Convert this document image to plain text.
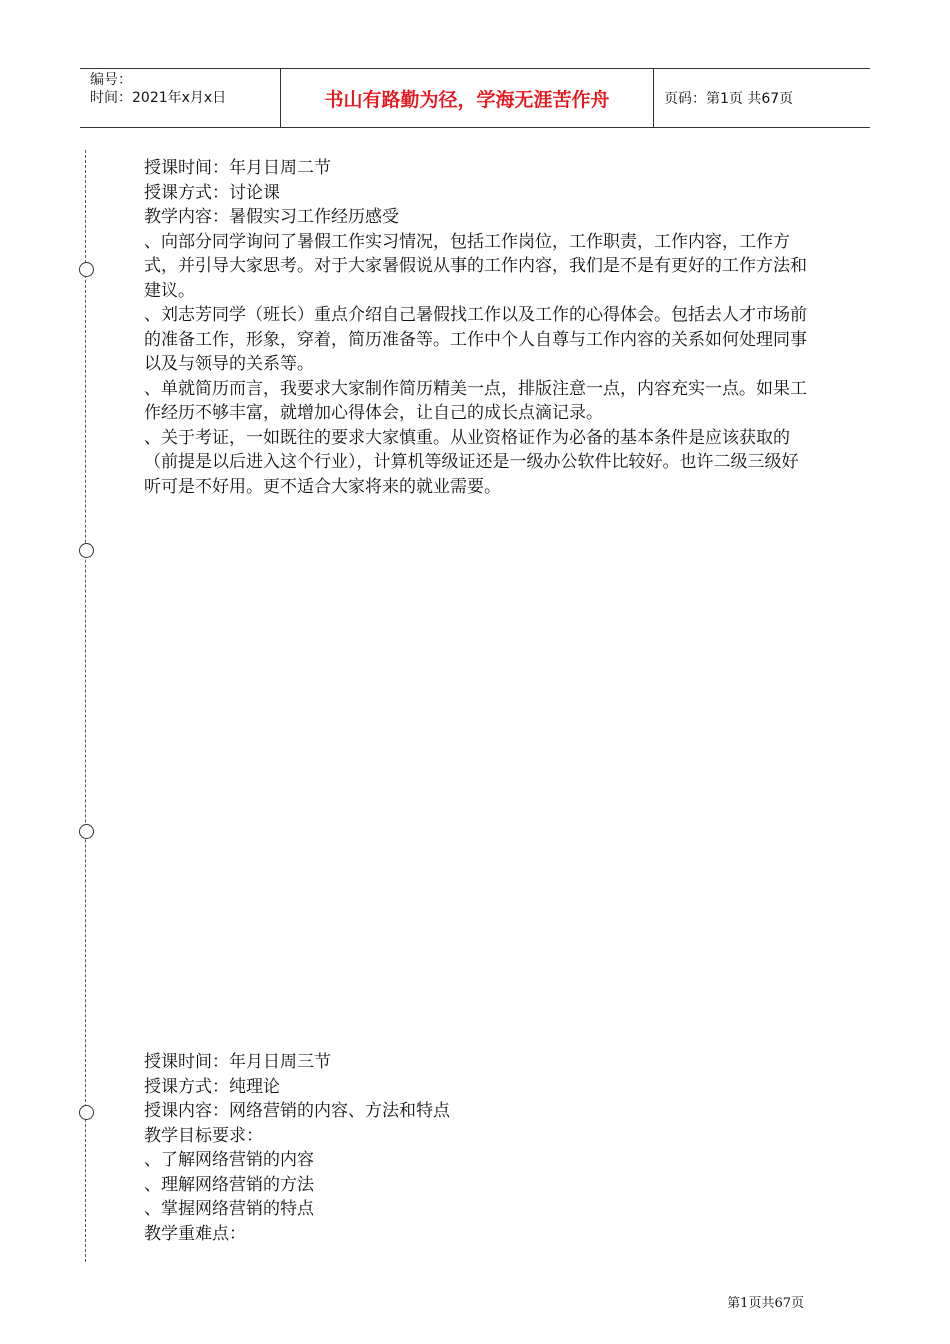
编号：
时间：2021年x月x日	书山有路勤为径，学海无涯苦作舟	页码：第1页 共67页

授课时间：年月日周二节

授课方式：讨论课

教学内容：暑假实习工作经历感受

、向部分同学询问了暑假工作实习情况，包括工作岗位，工作职责，工作内容，工作方式，并引导大家思考。对于大家暑假说从事的工作内容，我们是不是有更好的工作方法和建议。

、刘志芳同学（班长）重点介绍自己暑假找工作以及工作的心得体会。包括去人才市场前的准备工作，形象，穿着，简历准备等。工作中个人自尊与工作内容的关系如何处理同事以及与领导的关系等。

、单就简历而言，我要求大家制作简历精美一点，排版注意一点，内容充实一点。如果工作经历不够丰富，就增加心得体会，让自己的成长点滴记录。

、关于考证，一如既往的要求大家慎重。从业资格证作为必备的基本条件是应该获取的（前提是以后进入这个行业），计算机等级证还是一级办公软件比较好。也许二级三级好听可是不好用。更不适合大家将来的就业需要。

授课时间：年月日周三节

授课方式：纯理论

授课内容：网络营销的内容、方法和特点

教学目标要求：

、了解网络营销的内容

、理解网络营销的方法

、掌握网络营销的特点

教学重难点：

第1页共67页
